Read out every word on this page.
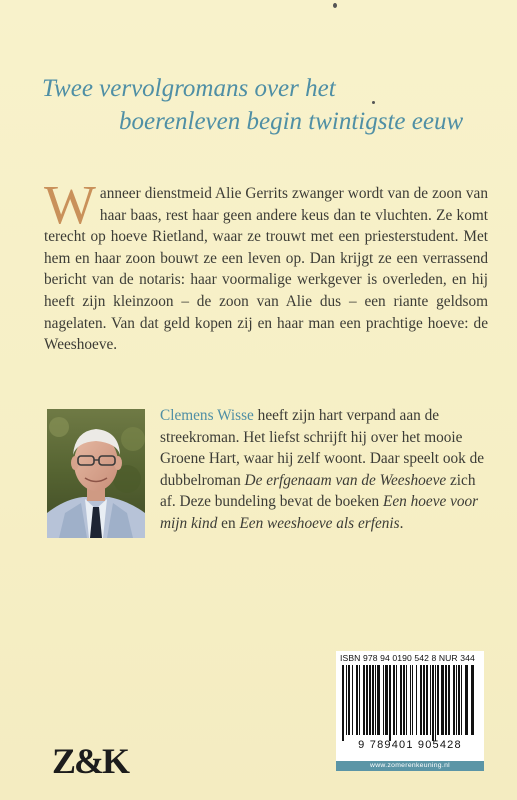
Twee vervolgromans over het
boerenleven begin twintigste eeuw

Wanneer dienstmeid Alie Gerrits zwanger wordt van de zoon van haar baas, rest haar geen andere keus dan te vluchten. Ze komt terecht op hoeve Rietland, waar ze trouwt met een priesterstudent. Met hem en haar zoon bouwt ze een leven op. Dan krijgt ze een verrassend bericht van de notaris: haar voormalige werkgever is overleden, en hij heeft zijn kleinzoon – de zoon van Alie dus – een riante geldsom nagelaten. Van dat geld kopen zij en haar man een prachtige hoeve: de Weeshoeve.

Clemens Wisse heeft zijn hart verpand aan de streekroman. Het liefst schrijft hij over het mooie Groene Hart, waar hij zelf woont. Daar speelt ook de dubbelroman De erfgenaam van de Weeshoeve zich af. Deze bundeling bevat de boeken Een hoeve voor mijn kind en Een weeshoeve als erfenis.

ISBN 978 94 0190 542 8 NUR 344
9 789401 905428
www.zomerenkeuning.nl
Z&K
